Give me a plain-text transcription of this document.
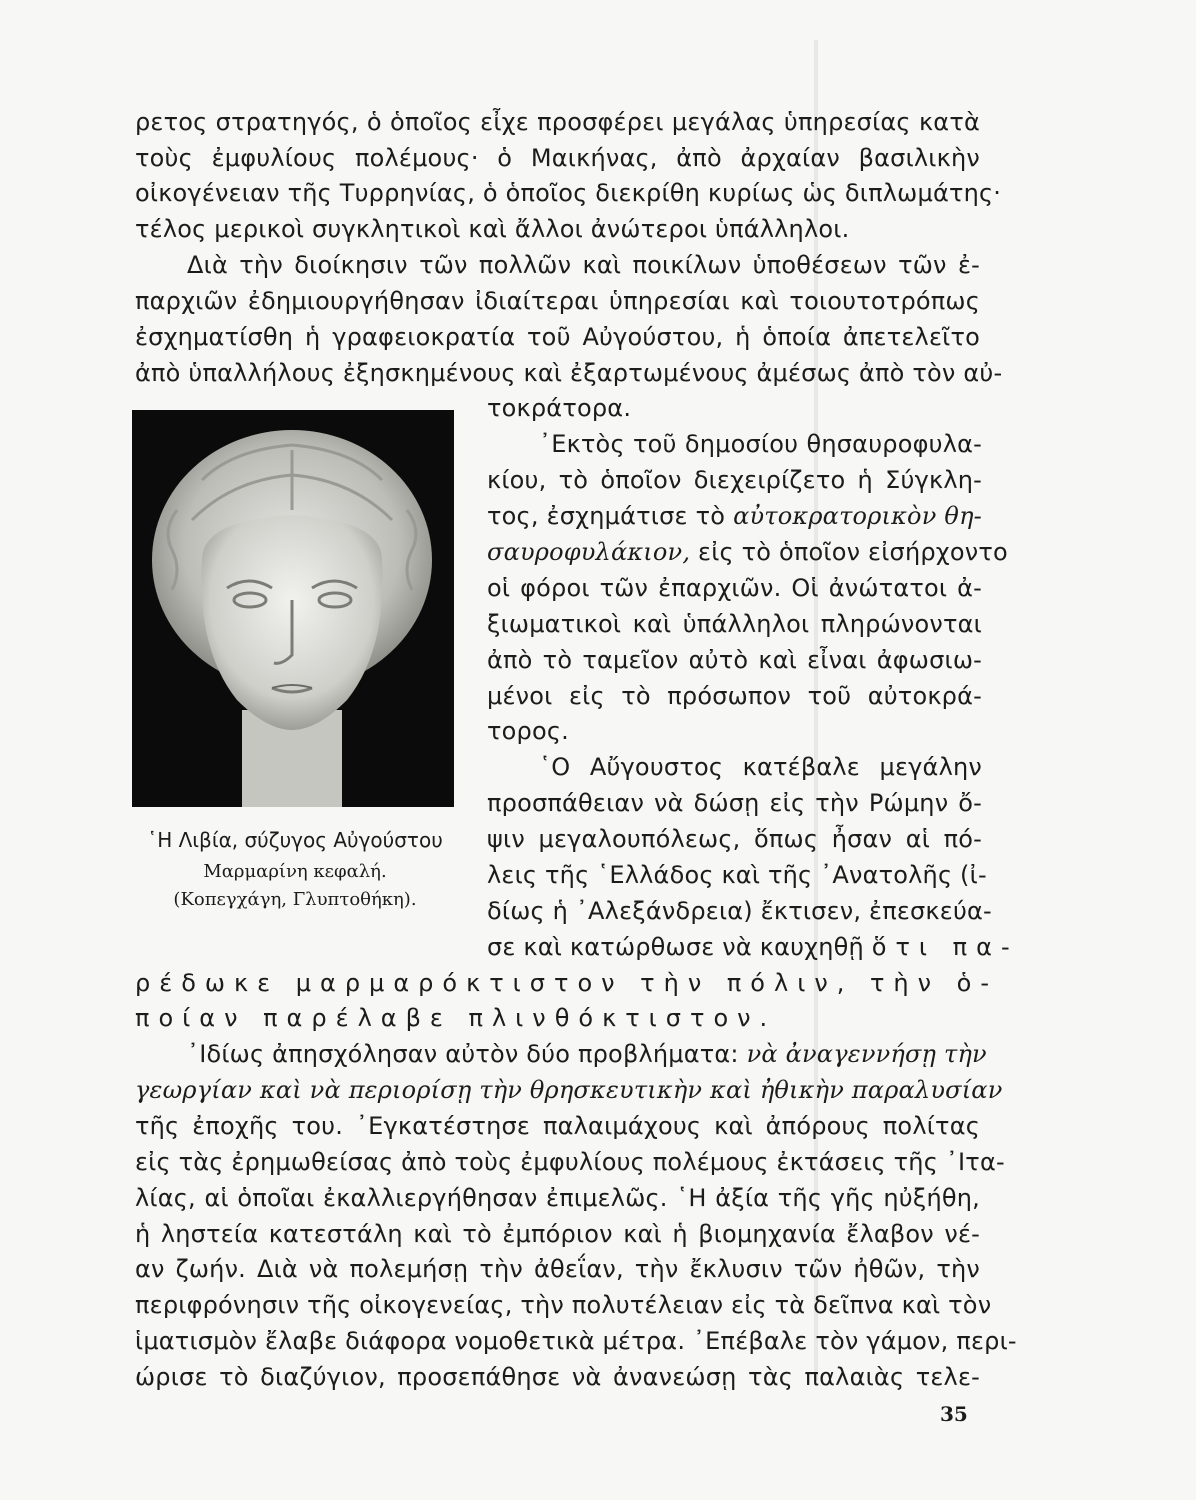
ρετος στρατηγός, ὁ ὁποῖος εἶχε προσφέρει μεγάλας ὑπηρεσίας κατὰ
τοὺς ἐμφυλίους πολέμους· ὁ Μαικήνας, ἀπὸ ἀρχαίαν βασιλικὴν
οἰκογένειαν τῆς Τυρρηνίας, ὁ ὁποῖος διεκρίθη κυρίως ὡς διπλωμάτης·
τέλος μερικοὶ συγκλητικοὶ καὶ ἄλλοι ἀνώτεροι ὑπάλληλοι.
Διὰ τὴν διοίκησιν τῶν πολλῶν καὶ ποικίλων ὑποθέσεων τῶν ἐ-
παρχιῶν ἐδημιουργήθησαν ἰδιαίτεραι ὑπηρεσίαι καὶ τοιουτοτρόπως
ἐσχηματίσθη ἡ γραφειοκρατία τοῦ Αὐγούστου, ἡ ὁποία ἀπετελεῖτο
ἀπὸ ὑπαλλήλους ἐξησκημένους καὶ ἐξαρτωμένους ἀμέσως ἀπὸ τὸν αὐ-
τοκράτορα.
᾿Εκτὸς τοῦ δημοσίου θησαυροφυλα-
κίου, τὸ ὁποῖον διεχειρίζετο ἡ Σύγκλη-
τος, ἐσχημάτισε τὸ αὐτοκρατορικὸν θη-
σαυροφυλάκιον, εἰς τὸ ὁποῖον εἰσήρχοντο
οἱ φόροι τῶν ἐπαρχιῶν. Οἱ ἀνώτατοι ἀ-
ξιωματικοὶ καὶ ὑπάλληλοι πληρώνονται
ἀπὸ τὸ ταμεῖον αὐτὸ καὶ εἶναι ἀφωσιω-
μένοι εἰς τὸ πρόσωπον τοῦ αὐτοκρά-
τορος.
῾Ο Αὔγουστος κατέβαλε μεγάλην
προσπάθειαν νὰ δώσῃ εἰς τὴν Ρώμην ὄ-
ψιν μεγαλουπόλεως, ὅπως ἦσαν αἱ πό-
λεις τῆς ῾Ελλάδος καὶ τῆς ᾿Ανατολῆς (ἰ-
δίως ἡ ᾿Αλεξάνδρεια) ἔκτισεν, ἐπεσκεύα-
σε καὶ κατώρθωσε νὰ καυχηθῇ ὅτι πα-
῾Η Λιβία, σύζυγος Αὐγούστου
Μαρμαρίνη κεφαλή.
(Κοπεγχάγη, Γλυπτοθήκη).
ρέδωκε μαρμαρόκτιστον τὴν πόλιν, τὴν ὁ-
ποίαν παρέλαβε πλινθόκτιστον.
᾿Ιδίως ἀπησχόλησαν αὐτὸν δύο προβλήματα: νὰ ἀναγεννήσῃ τὴν
γεωργίαν καὶ νὰ περιορίσῃ τὴν θρησκευτικὴν καὶ ἠθικὴν παραλυσίαν
τῆς ἐποχῆς του. ᾿Εγκατέστησε παλαιμάχους καὶ ἀπόρους πολίτας
εἰς τὰς ἐρημωθείσας ἀπὸ τοὺς ἐμφυλίους πολέμους ἐκτάσεις τῆς ᾿Ιτα-
λίας, αἱ ὁποῖαι ἐκαλλιεργήθησαν ἐπιμελῶς. ῾Η ἀξία τῆς γῆς ηὐξήθη,
ἡ ληστεία κατεστάλη καὶ τὸ ἐμπόριον καὶ ἡ βιομηχανία ἔλαβον νέ-
αν ζωήν. Διὰ νὰ πολεμήσῃ τὴν ἀθεΐαν, τὴν ἔκλυσιν τῶν ἠθῶν, τὴν
περιφρόνησιν τῆς οἰκογενείας, τὴν πολυτέλειαν εἰς τὰ δεῖπνα καὶ τὸν
ἱματισμὸν ἔλαβε διάφορα νομοθετικὰ μέτρα. ᾿Επέβαλε τὸν γάμον, περι-
ώρισε τὸ διαζύγιον, προσεπάθησε νὰ ἀνανεώσῃ τὰς παλαιὰς τελε-
35
